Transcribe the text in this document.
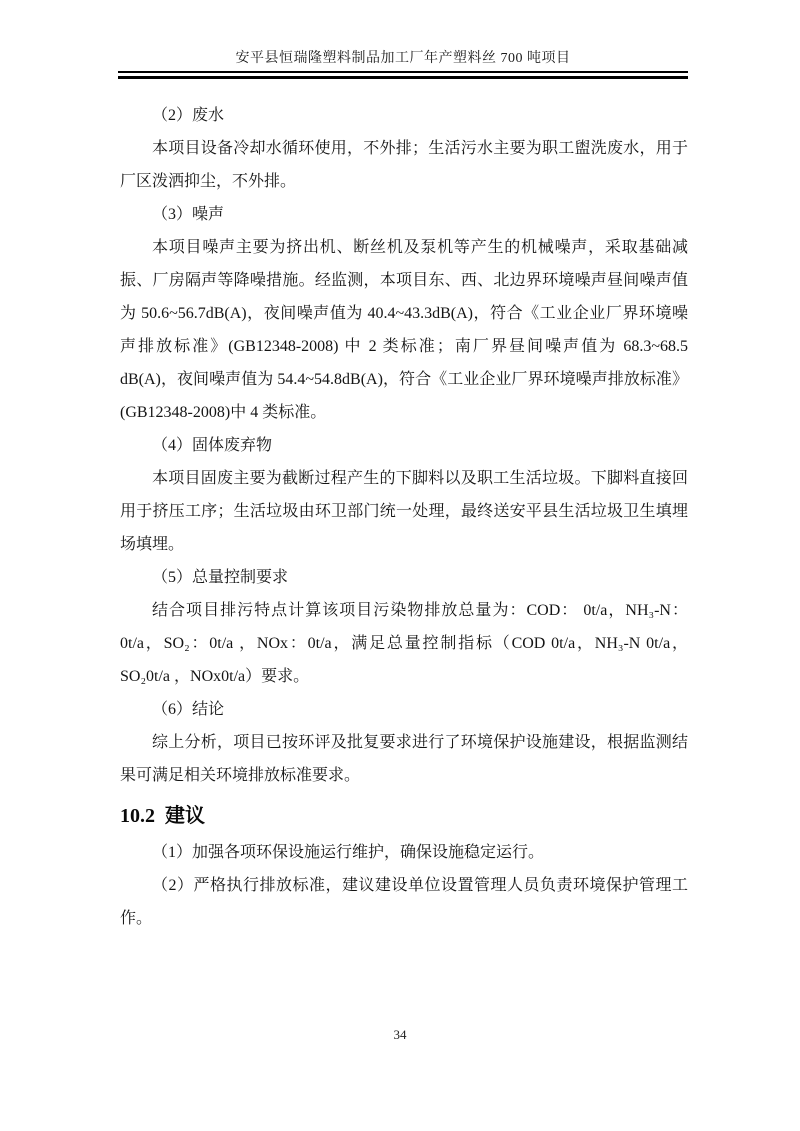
安平县恒瑞隆塑料制品加工厂年产塑料丝 700 吨项目

（2）废水

本项目设备冷却水循环使用，不外排；生活污水主要为职工盥洗废水，用于厂区泼洒抑尘，不外排。

（3）噪声

本项目噪声主要为挤出机、断丝机及泵机等产生的机械噪声，采取基础减振、厂房隔声等降噪措施。经监测，本项目东、西、北边界环境噪声昼间噪声值为 50.6~56.7dB(A)，夜间噪声值为 40.4~43.3dB(A)，符合《工业企业厂界环境噪声排放标准》(GB12348-2008) 中 2 类标准；南厂界昼间噪声值为 68.3~68.5 dB(A)，夜间噪声值为 54.4~54.8dB(A)，符合《工业企业厂界环境噪声排放标准》(GB12348-2008)中 4 类标准。

（4）固体废弃物

本项目固废主要为截断过程产生的下脚料以及职工生活垃圾。下脚料直接回用于挤压工序；生活垃圾由环卫部门统一处理，最终送安平县生活垃圾卫生填埋场填埋。

（5）总量控制要求

结合项目排污特点计算该项目污染物排放总量为：COD： 0t/a，NH₃-N：0t/a，SO₂：0t/a ，NOx：0t/a，满足总量控制指标（COD 0t/a，NH₃-N 0t/a，SO₂0t/a ，NOx0t/a）要求。

（6）结论

综上分析，项目已按环评及批复要求进行了环境保护设施建设，根据监测结果可满足相关环境排放标准要求。

10.2 建议

（1）加强各项环保设施运行维护，确保设施稳定运行。

（2）严格执行排放标准，建议建设单位设置管理人员负责环境保护管理工作。

34
